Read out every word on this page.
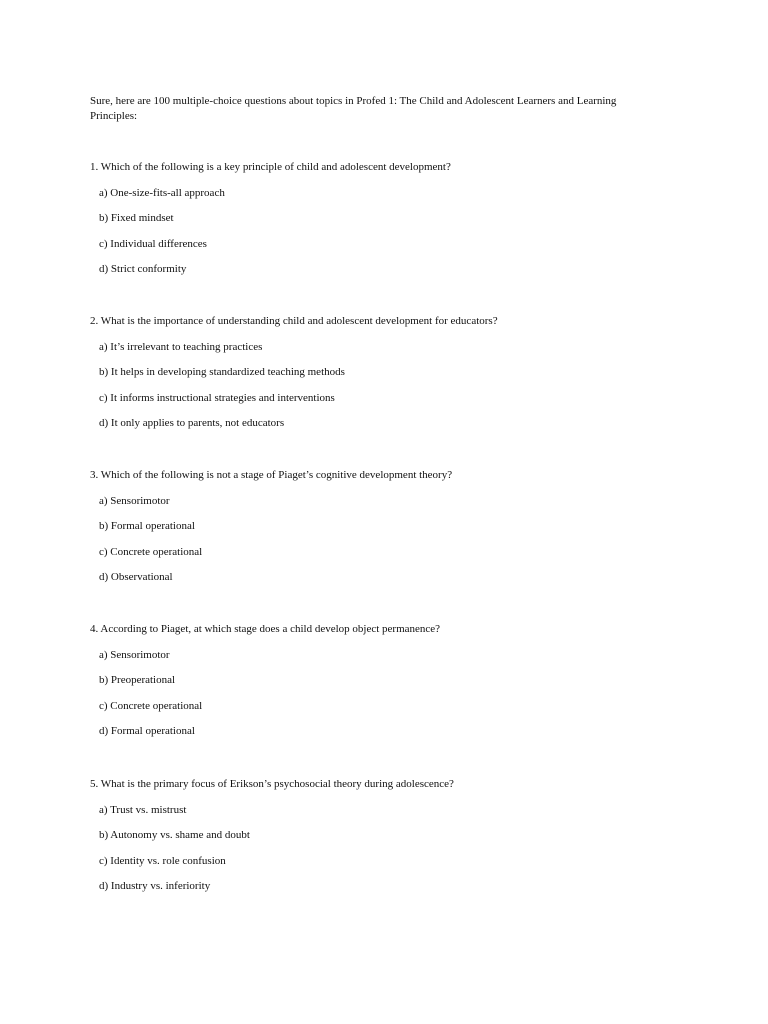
Sure, here are 100 multiple-choice questions about topics in Profed 1: The Child and Adolescent Learners and Learning Principles:

1. Which of the following is a key principle of child and adolescent development?

a) One-size-fits-all approach

b) Fixed mindset

c) Individual differences

d) Strict conformity

2. What is the importance of understanding child and adolescent development for educators?

a) It’s irrelevant to teaching practices

b) It helps in developing standardized teaching methods

c) It informs instructional strategies and interventions

d) It only applies to parents, not educators

3. Which of the following is not a stage of Piaget’s cognitive development theory?

a) Sensorimotor

b) Formal operational

c) Concrete operational

d) Observational

4. According to Piaget, at which stage does a child develop object permanence?

a) Sensorimotor

b) Preoperational

c) Concrete operational

d) Formal operational

5. What is the primary focus of Erikson’s psychosocial theory during adolescence?

a) Trust vs. mistrust

b) Autonomy vs. shame and doubt

c) Identity vs. role confusion

d) Industry vs. inferiority
